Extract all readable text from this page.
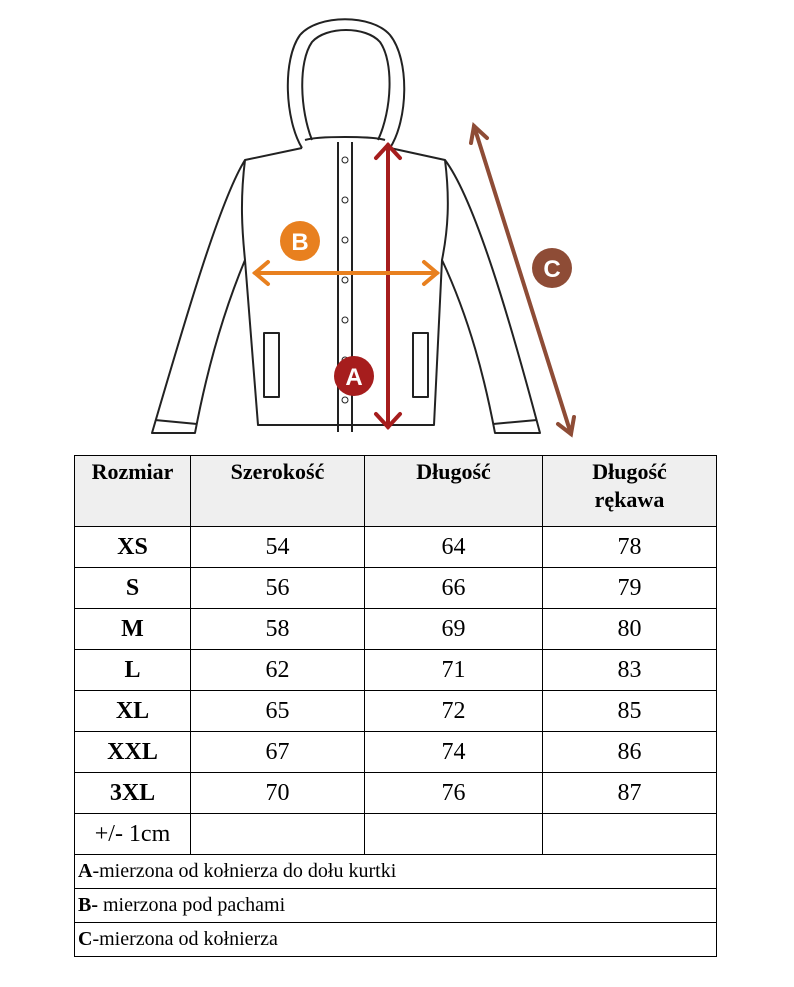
A
B
C
Rozmiar	Szerokość	Długość	Długość
rękawa
XS	54	64	78
S	56	66	79
M	58	69	80
L	62	71	83
XL	65	72	85
XXL	67	74	86
3XL	70	76	87
+/- 1cm			
A-mierzona od kołnierza do dołu kurtki			
B- mierzona pod pachami			
C-mierzona od kołnierza			
